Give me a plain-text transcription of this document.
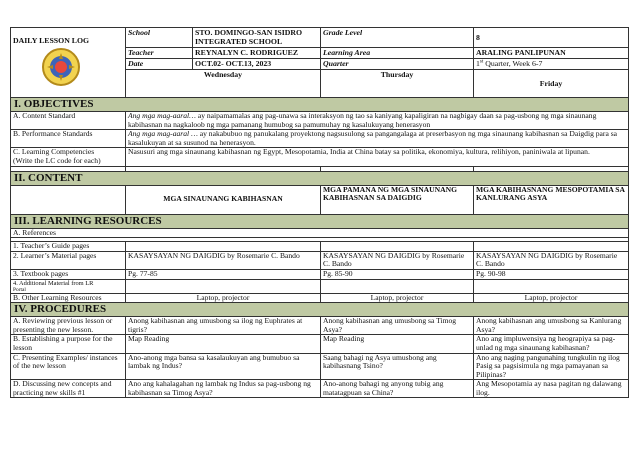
DAILY LESSON LOG	School	STO. DOMINGO-SAN ISIDRO INTEGRATED SCHOOL	Grade Level	8
	Teacher	REYNALYN C. RODRIGUEZ	Learning Area	ARALING PANLIPUNAN
	Date	OCT.02- OCT.13, 2023	Quarter	1st Quarter, Week 6-7
	Wednesday		Thursday	Friday
I. OBJECTIVES				
A. Content Standard	Ang mga mag-aaral… ay naipamamalas ang pag-unawa sa interaksyon ng tao sa kaniyang kapaligiran na nagbigay daan sa pag-usbong ng mga sinaunang kabihasnan na nagkaloob ng mga pamanang humubog sa pamumuhay ng kasalukuyang henerasyon			
B. Performance Standards	Ang mga mag-aaral … ay nakabubuo ng panukalang proyektong nagsusulong sa pangangalaga at preserbasyon ng mga sinaunang kabihasnan sa Daigdig para sa kasalukuyan at sa susunod na henerasyon.			

C. Learning Competencies
(Write the LC code for each)	Nasusuri ang mga sinaunang kabihasnan ng Egypt, Mesopotamia, India at China batay sa politika, ekonomiya, kultura, relihiyon, paniniwala at lipunan.			

II. CONTENT				
	MGA SINAUNANG KABIHASNAN		MGA PAMANA NG MGA SINAUNANG KABIHASNAN SA DAIGDIG	MGA KABIHASNANG MESOPOTAMIA SA KANLURANG ASYA
III. LEARNING RESOURCES				
A. References				

1. Teacher’s Guide pages				
2. Learner’s Material pages	KASAYSAYAN NG DAIGDIG by Rosemarie C. Bando		KASAYSAYAN NG DAIGDIG by Rosemarie C. Bando	KASAYSAYAN NG DAIGDIG by Rosemarie C. Bando
3. Textbook pages	Pg. 77-85		Pg. 85-90	Pg. 90-98

4. Additional Material from LR
Portal				

B. Other Learning Resources	Laptop, projector		Laptop, projector	Laptop, projector
IV. PROCEDURES				
A. Reviewing previous lesson or presenting the new lesson.	Anong kabihasnan ang umusbong sa ilog ng Euphrates at tigris?		Anong kabihasnan ang umusbong sa Timog Asya?	Anong kabihasnan ang umusbong sa Kanlurang Asya?
B. Establishing a purpose for the lesson	Map Reading		Map Reading	Ano ang impluwensiya ng heograpiya sa pag-unlad ng mga sinaunang kabihasnan?
C. Presenting Examples/ instances of the new lesson	Ano-anong mga bansa sa kasalaukuyan ang bumubuo sa lambak ng Indus?		Saang bahagi ng Asya umusbong ang kabihasnang Tsino?	Ano ang naging pangunahing tungkulin ng ilog Pasig sa pagsisimula ng mga pamayanan sa Pilipinas?
D. Discussing new concepts and practicing new skills #1	Ano ang kahalagahan ng lambak ng Indus sa pag-usbong ng kabihasnan sa Timog Asya?		Ano-anong bahagi ng anyong tubig ang matatagpuan sa China?	Ang Mesopotamia ay nasa pagitan ng dalawang ilog.
